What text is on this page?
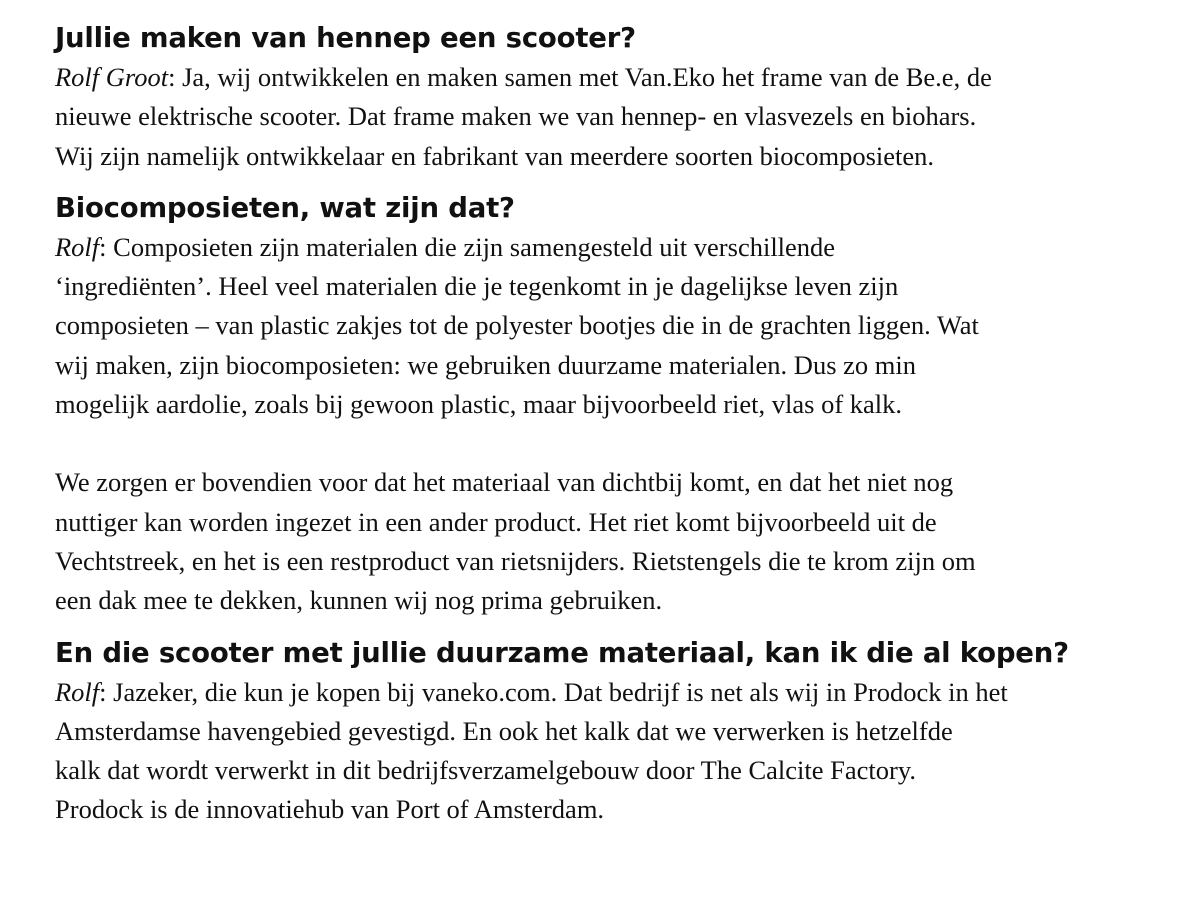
Jullie maken van hennep een scooter?

Rolf Groot: Ja, wij ontwikkelen en maken samen met Van.Eko het frame van de Be.e, de
nieuwe elektrische scooter. Dat frame maken we van hennep- en vlasvezels en biohars.
Wij zijn namelijk ontwikkelaar en fabrikant van meerdere soorten biocomposieten.

Biocomposieten, wat zijn dat?

Rolf: Composieten zijn materialen die zijn samengesteld uit verschillende
‘ingrediënten’. Heel veel materialen die je tegenkomt in je dagelijkse leven zijn
composieten – van plastic zakjes tot de polyester bootjes die in de grachten liggen. Wat
wij maken, zijn biocomposieten: we gebruiken duurzame materialen. Dus zo min
mogelijk aardolie, zoals bij gewoon plastic, maar bijvoorbeeld riet, vlas of kalk.

We zorgen er bovendien voor dat het materiaal van dichtbij komt, en dat het niet nog
nuttiger kan worden ingezet in een ander product. Het riet komt bijvoorbeeld uit de
Vechtstreek, en het is een restproduct van rietsnijders. Rietstengels die te krom zijn om
een dak mee te dekken, kunnen wij nog prima gebruiken.

En die scooter met jullie duurzame materiaal, kan ik die al kopen?

Rolf: Jazeker, die kun je kopen bij vaneko.com. Dat bedrijf is net als wij in Prodock in het
Amsterdamse havengebied gevestigd. En ook het kalk dat we verwerken is hetzelfde
kalk dat wordt verwerkt in dit bedrijfsverzamelgebouw door The Calcite Factory.
Prodock is de innovatiehub van Port of Amsterdam.
